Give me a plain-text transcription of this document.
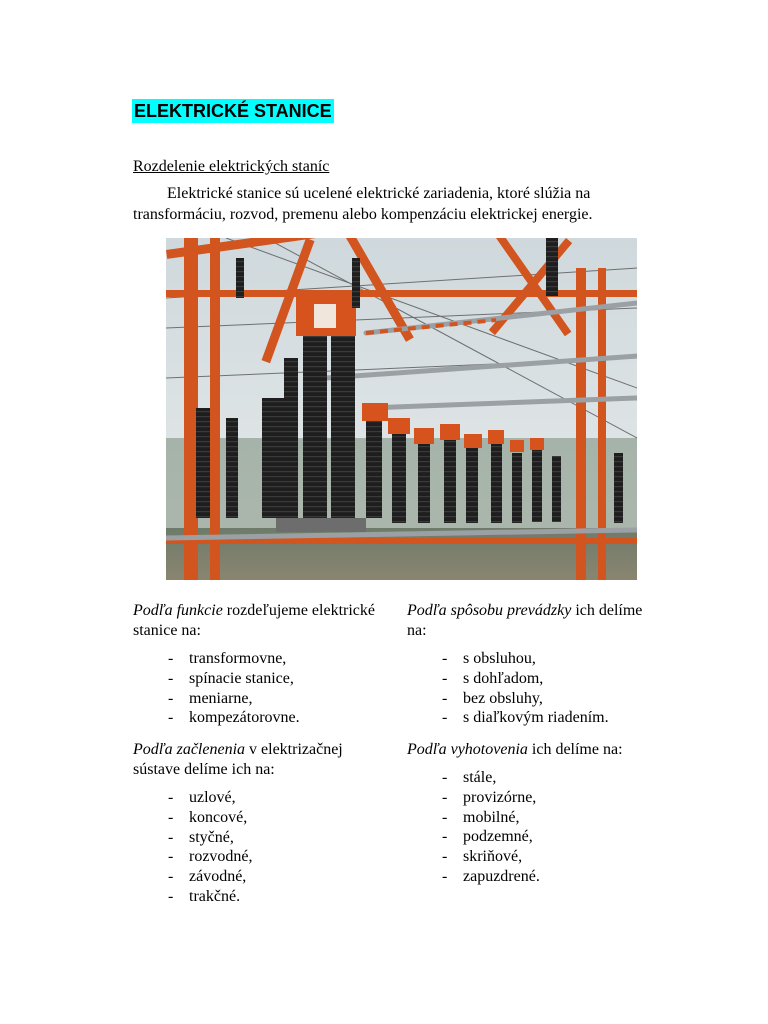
ELEKTRICKÉ STANICE
Rozdelenie elektrických staníc
Elektrické stanice sú ucelené elektrické zariadenia, ktoré slúžia na transformáciu, rozvod, premenu alebo kompenzáciu elektrickej energie.

Podľa funkcie rozdeľujeme elektrické stanice na:

- transformovne,
- spínacie stanice,
- meniarne,
- kompezátorovne.

Podľa spôsobu prevádzky ich delíme na:

- s obsluhou,
- s dohľadom,
- bez obsluhy,
- s diaľkovým riadením.

Podľa začlenenia v elektrizačnej sústave delíme ich na:

- uzlové,
- koncové,
- styčné,
- rozvodné,
- závodné,
- trakčné.

Podľa vyhotovenia ich delíme na:

- stále,
- provizórne,
- mobilné,
- podzemné,
- skriňové,
- zapuzdrené.
